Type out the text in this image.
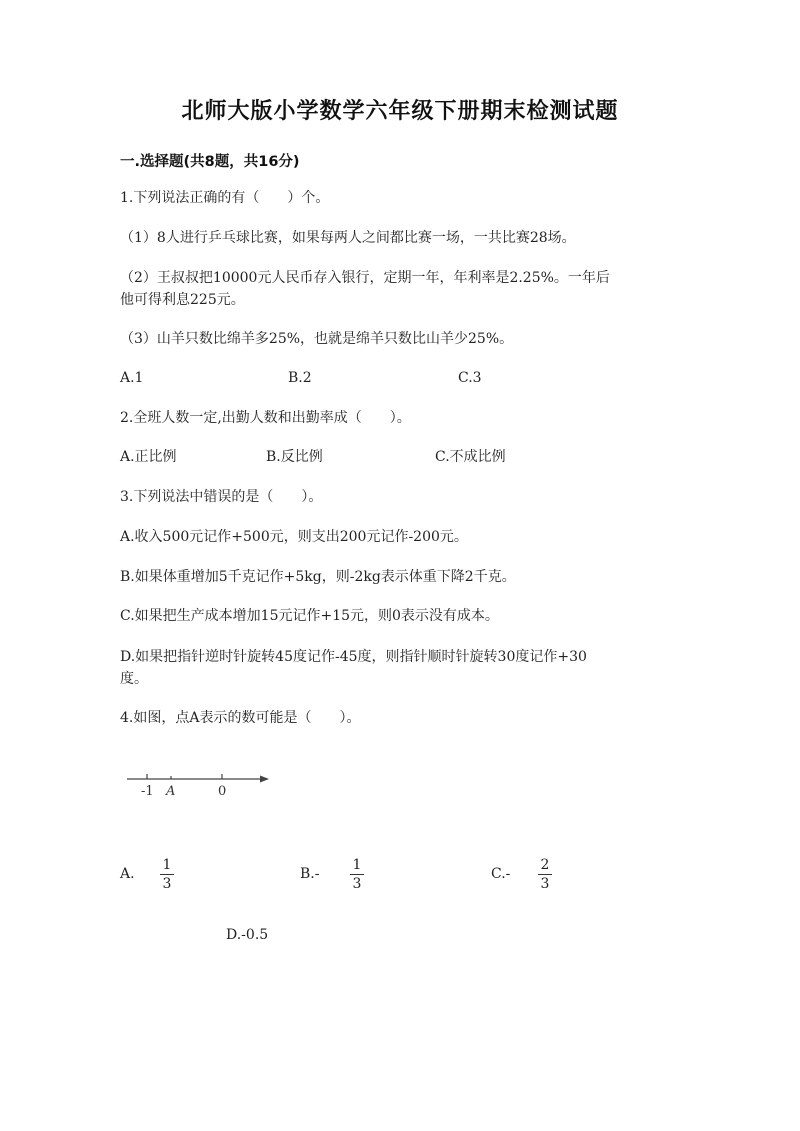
北师大版小学数学六年级下册期末检测试题
一.选择题(共8题，共16分)
1.下列说法正确的有（　　）个。
（1）8人进行乒乓球比赛，如果每两人之间都比赛一场，一共比赛28场。
（2）王叔叔把10000元人民币存入银行，定期一年，年利率是2.25%。一年后
他可得利息225元。
（3）山羊只数比绵羊多25%，也就是绵羊只数比山羊少25%。
A.1	B.2	C.3
2.全班人数一定,出勤人数和出勤率成（　　）。
A.正比例	B.反比例	C.不成比例
3.下列说法中错误的是（　　）。
A.收入500元记作+500元，则支出200元记作-200元。
B.如果体重增加5千克记作+5kg，则-2kg表示体重下降2千克。
C.如果把生产成本增加15元记作+15元，则0表示没有成本。
D.如果把指针逆时针旋转45度记作-45度，则指针顺时针旋转30度记作+30
度。
4.如图，点A表示的数可能是（　　）。
-1 A	0
A.
1
3
B.-
1
3
C.-
2
3
D.-0.5
